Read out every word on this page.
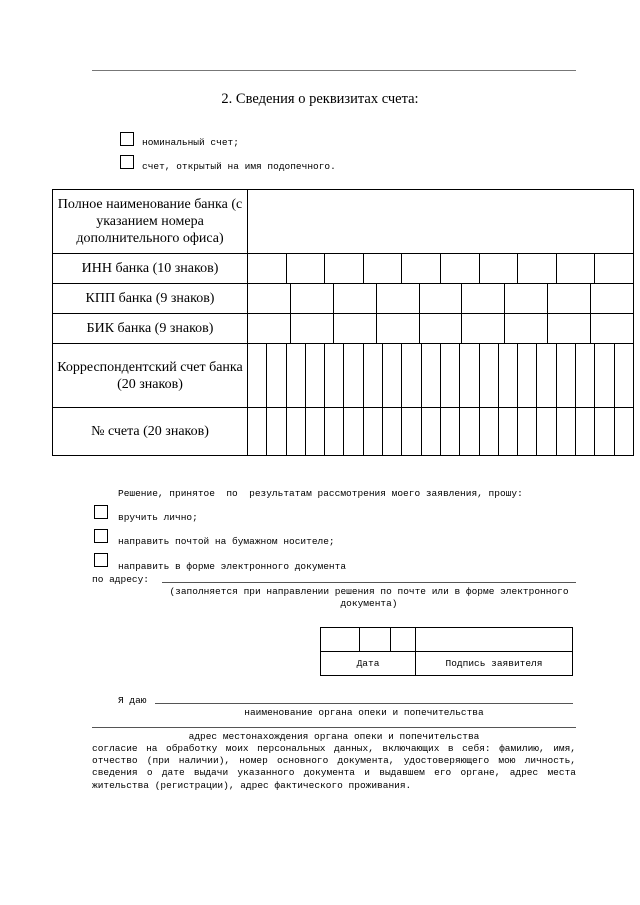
2. Сведения о реквизитах счета:
номинальный счет;
счет, открытый на имя подопечного.
Полное наименование банка (с указанием номера дополнительного офиса)	
ИНН банка (10 знаков)	

КПП банка (9 знаков)	

БИК банка (9 знаков)	

Корреспондентский счет банка (20 знаков)	

№ счета (20 знаков)	
Решение, принятое  по  результатам рассмотрения моего заявления, прошу:
вручить лично;
направить почтой на бумажном носителе;
направить в форме электронного документа
по адресу:
(заполняется при направлении решения по почте или в форме электронного документа)

Дата			Подпись заявителя
Я даю
наименование органа опеки и попечительства
адрес местонахождения органа опеки и попечительства
согласие на обработку моих персональных данных, включающих в себя: фамилию, имя, отчество (при наличии), номер основного документа, удостоверяющего мою личность, сведения о дате выдачи указанного документа и выдавшем его органе, адрес места жительства (регистрации), адрес фактического проживания.
